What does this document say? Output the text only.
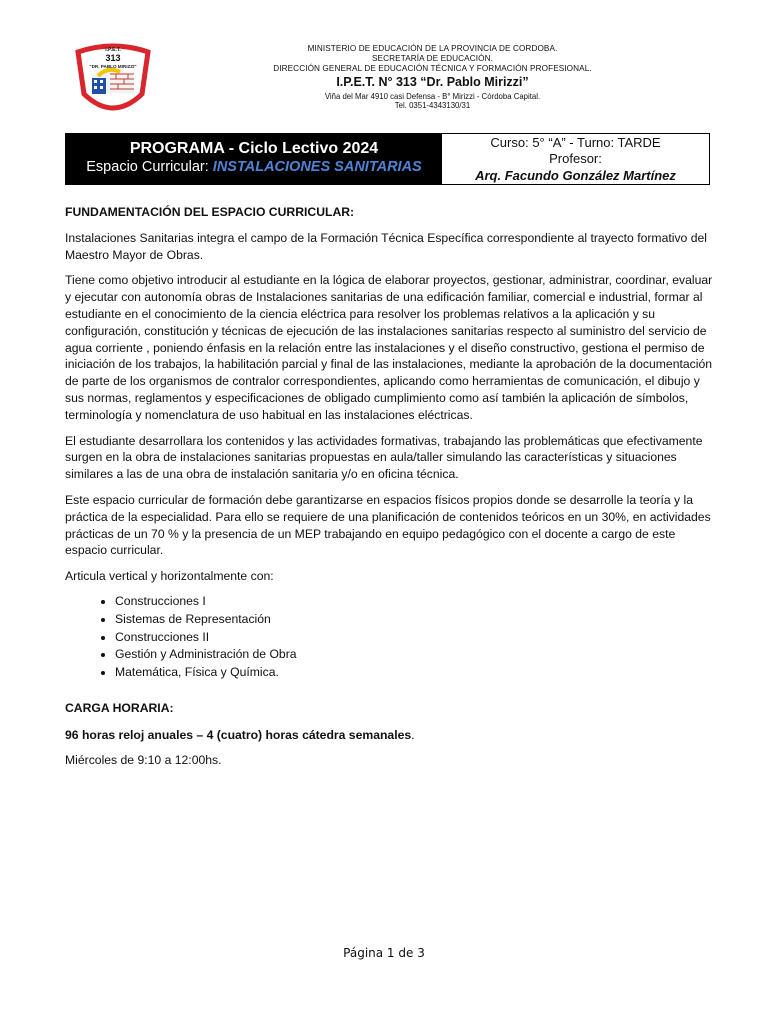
I.P.E.T.
313
"DR. PABLO MIRIZZI"
MINISTERIO DE EDUCACIÓN DE LA PROVINCIA DE CORDOBA.
SECRETARÍA DE EDUCACIÓN.
DIRECCIÓN GENERAL DE EDUCACIÓN TÉCNICA Y FORMACIÓN PROFESIONAL.
I.P.E.T. N° 313 “Dr. Pablo Mirizzi”
Viña del Mar 4910 casi Defensa - B° Mirizzi - Córdoba Capital.
Tel. 0351-4343130/31
PROGRAMA - Ciclo Lectivo 2024
Espacio Curricular: INSTALACIONES SANITARIAS
Curso: 5° “A” - Turno: TARDE
Profesor:
Arq. Facundo González Martínez

FUNDAMENTACIÓN DEL ESPACIO CURRICULAR:

Instalaciones Sanitarias integra el campo de la Formación Técnica Específica correspondiente al trayecto formativo del Maestro Mayor de Obras.

Tiene como objetivo introducir al estudiante en la lógica de elaborar proyectos, gestionar, administrar, coordinar, evaluar y ejecutar con autonomía obras de Instalaciones sanitarias de una edificación familiar, comercial e industrial, formar al estudiante en el conocimiento de la ciencia eléctrica para resolver los problemas relativos a la aplicación y su configuración, constitución y técnicas de ejecución de las instalaciones sanitarias respecto al suministro del servicio de agua corriente , poniendo énfasis en la relación entre las instalaciones y el diseño constructivo, gestiona el permiso de iniciación de los trabajos, la habilitación parcial y final de las instalaciones, mediante la aprobación de la documentación de parte de los organismos de contralor correspondientes, aplicando como herramientas de comunicación, el dibujo y sus normas, reglamentos y especificaciones de obligado cumplimiento como así también la aplicación de símbolos, terminología y nomenclatura de uso habitual en las instalaciones eléctricas.

El estudiante desarrollara los contenidos y las actividades formativas, trabajando las problemáticas que efectivamente surgen en la obra de instalaciones sanitarias propuestas en aula/taller simulando las características y situaciones similares a las de una obra de instalación sanitaria y/o en oficina técnica.

Este espacio curricular de formación debe garantizarse en espacios físicos propios donde se desarrolle la teoría y la práctica de la especialidad. Para ello se requiere de una planificación de contenidos teóricos en un 30%, en actividades prácticas de un 70 % y la presencia de un MEP trabajando en equipo pedagógico con el docente a cargo de este espacio curricular.

Articula vertical y horizontalmente con:

• Construcciones I
• Sistemas de Representación
• Construcciones II
• Gestión y Administración de Obra
• Matemática, Física y Química.

CARGA HORARIA:

96 horas reloj anuales – 4 (cuatro) horas cátedra semanales.

Miércoles de 9:10 a 12:00hs.

Página 1 de 3
